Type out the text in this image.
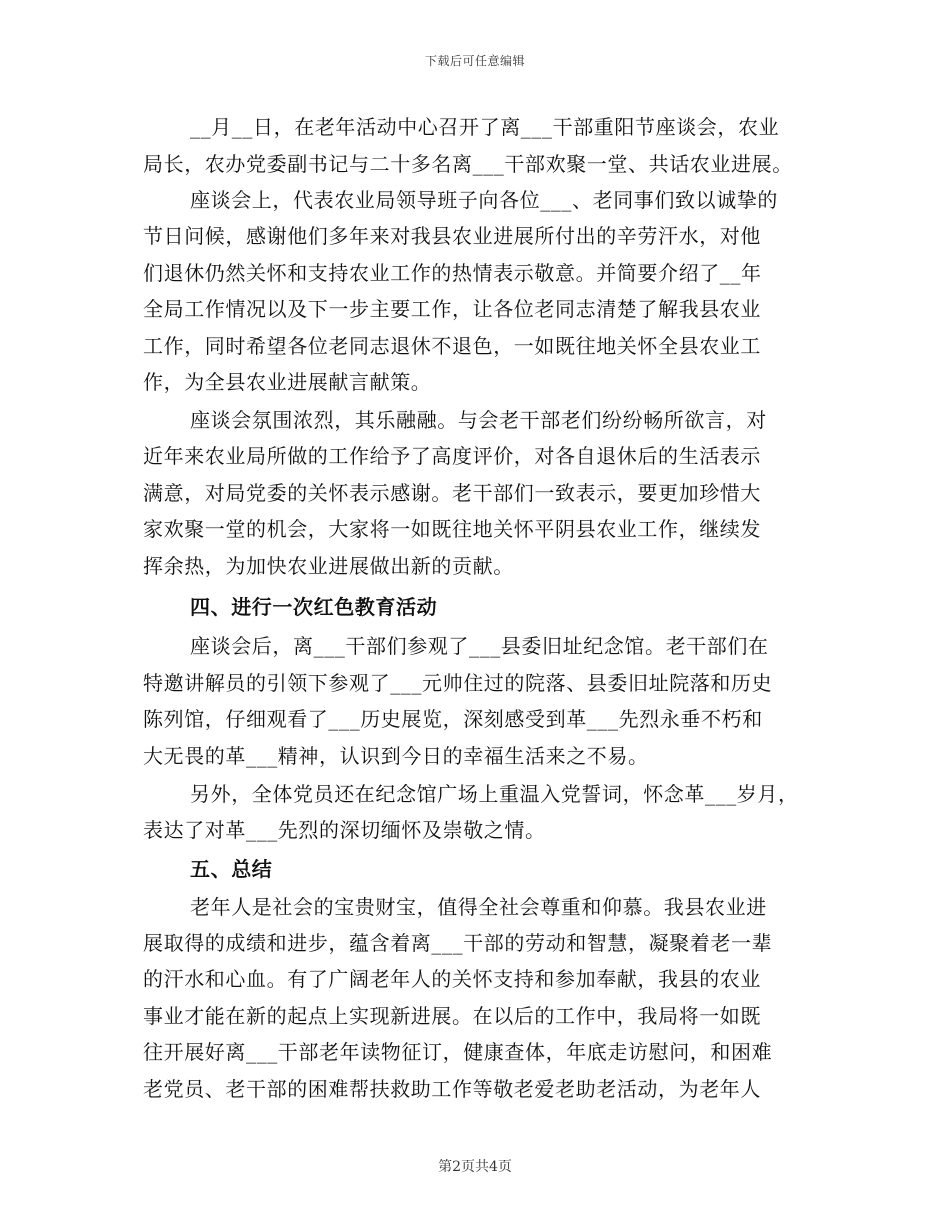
下载后可任意编辑
__月__日，在老年活动中心召开了离___干部重阳节座谈会，农业
局长，农办党委副书记与二十多名离___干部欢聚一堂、共话农业进展。
座谈会上，代表农业局领导班子向各位___、老同事们致以诚挚的
节日问候，感谢他们多年来对我县农业进展所付出的辛劳汗水，对他
们退休仍然关怀和支持农业工作的热情表示敬意。并简要介绍了__年
全局工作情况以及下一步主要工作，让各位老同志清楚了解我县农业
工作，同时希望各位老同志退休不退色，一如既往地关怀全县农业工
作，为全县农业进展献言献策。
座谈会氛围浓烈，其乐融融。与会老干部老们纷纷畅所欲言，对
近年来农业局所做的工作给予了高度评价，对各自退休后的生活表示
满意，对局党委的关怀表示感谢。老干部们一致表示，要更加珍惜大
家欢聚一堂的机会，大家将一如既往地关怀平阴县农业工作，继续发
挥余热，为加快农业进展做出新的贡献。
四、进行一次红色教育活动
座谈会后，离___干部们参观了___县委旧址纪念馆。老干部们在
特邀讲解员的引领下参观了___元帅住过的院落、县委旧址院落和历史
陈列馆，仔细观看了___历史展览，深刻感受到革___先烈永垂不朽和
大无畏的革___精神，认识到今日的幸福生活来之不易。
另外，全体党员还在纪念馆广场上重温入党誓词，怀念革___岁月，
表达了对革___先烈的深切缅怀及崇敬之情。
五、总结
老年人是社会的宝贵财宝，值得全社会尊重和仰慕。我县农业进
展取得的成绩和进步，蕴含着离___干部的劳动和智慧，凝聚着老一辈
的汗水和心血。有了广阔老年人的关怀支持和参加奉献，我县的农业
事业才能在新的起点上实现新进展。在以后的工作中，我局将一如既
往开展好离___干部老年读物征订，健康查体，年底走访慰问，和困难
老党员、老干部的困难帮扶救助工作等敬老爱老助老活动，为老年人
第2页共4页
